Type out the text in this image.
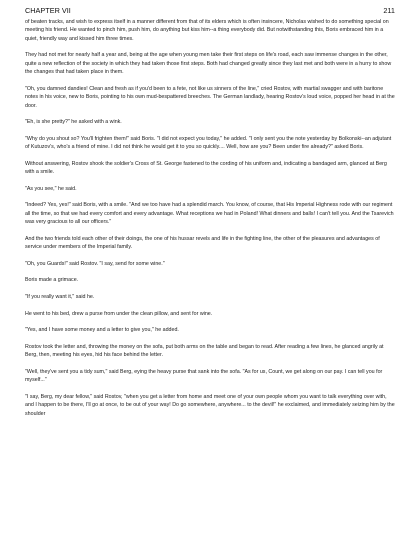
CHAPTER VII	211

of beaten tracks, and wish to express itself in a manner different from that of its elders which is often insincere, Nicholas wished to do something special on meeting his friend. He wanted to pinch him, push him, do anything but kiss him--a thing everybody did. But notwithstanding this, Boris embraced him in a quiet, friendly way and kissed him three times.

They had not met for nearly half a year and, being at the age when young men take their first steps on life's road, each saw immense changes in the other, quite a new reflection of the society in which they had taken those first steps. Both had changed greatly since they last met and both were in a hurry to show the changes that had taken place in them.

"Oh, you damned dandies! Clean and fresh as if you'd been to a fete, not like us sinners of the line," cried Rostov, with martial swagger and with baritone notes in his voice, new to Boris, pointing to his own mud-bespattered breeches. The German landlady, hearing Rostov's loud voice, popped her head in at the door.

"Eh, is she pretty?" he asked with a wink.

"Why do you shout so? You'll frighten them!" said Boris. "I did not expect you today," he added. "I only sent you the note yesterday by Bolkonski--an adjutant of Kutuzov's, who's a friend of mine. I did not think he would get it to you so quickly.... Well, how are you? Been under fire already?" asked Boris.

Without answering, Rostov shook the soldier's Cross of St. George fastened to the cording of his uniform and, indicating a bandaged arm, glanced at Berg with a smile.

"As you see," he said.

"Indeed? Yes, yes!" said Boris, with a smile. "And we too have had a splendid march. You know, of course, that His Imperial Highness rode with our regiment all the time, so that we had every comfort and every advantage. What receptions we had in Poland! What dinners and balls! I can't tell you. And the Tsarevich was very gracious to all our officers."

And the two friends told each other of their doings, the one of his hussar revels and life in the fighting line, the other of the pleasures and advantages of service under members of the Imperial family.

"Oh, you Guards!" said Rostov. "I say, send for some wine."

Boris made a grimace.

"If you really want it," said he.

He went to his bed, drew a purse from under the clean pillow, and sent for wine.

"Yes, and I have some money and a letter to give you," he added.

Rostov took the letter and, throwing the money on the sofa, put both arms on the table and began to read. After reading a few lines, he glanced angrily at Berg, then, meeting his eyes, hid his face behind the letter.

"Well, they've sent you a tidy sum," said Berg, eying the heavy purse that sank into the sofa. "As for us, Count, we get along on our pay. I can tell you for myself..."

"I say, Berg, my dear fellow," said Rostov, "when you get a letter from home and meet one of your own people whom you want to talk everything over with, and I happen to be there, I'll go at once, to be out of your way! Do go somewhere, anywhere... to the devil!" he exclaimed, and immediately seizing him by the shoulder
